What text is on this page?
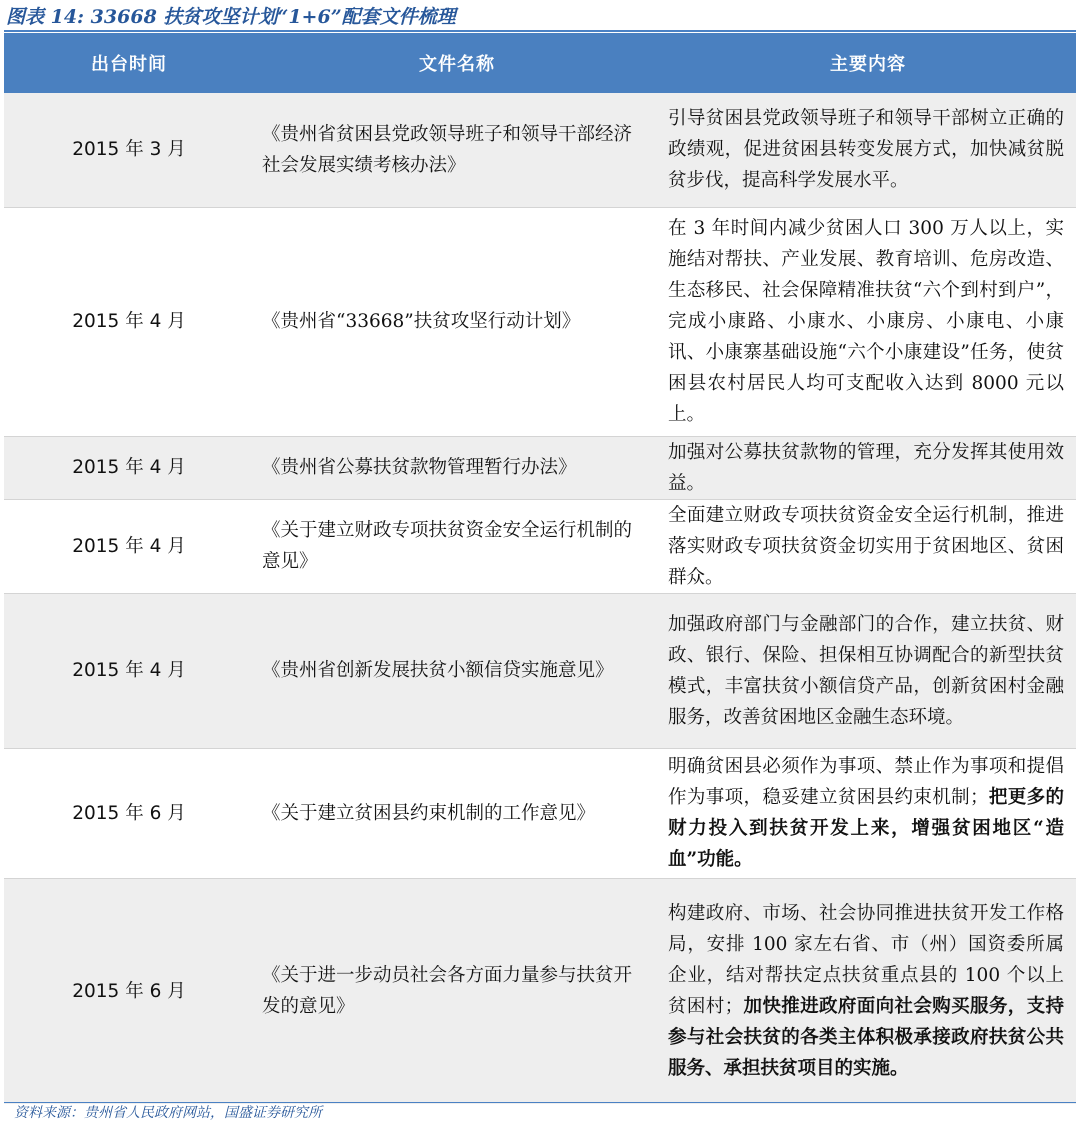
图表 14: 33668 扶贫攻坚计划“1+6”配套文件梳理
出台时间	文件名称	主要内容
2015 年 3 月	《贵州省贫困县党政领导班子和领导干部经济社会发展实绩考核办法》	引导贫困县党政领导班子和领导干部树立正确的政绩观，促进贫困县转变发展方式，加快减贫脱贫步伐，提高科学发展水平。
2015 年 4 月	《贵州省“33668”扶贫攻坚行动计划》	在 3 年时间内减少贫困人口 300 万人以上，实施结对帮扶、产业发展、教育培训、危房改造、生态移民、社会保障精准扶贫“六个到村到户”，完成小康路、小康水、小康房、小康电、小康讯、小康寨基础设施“六个小康建设”任务，使贫困县农村居民人均可支配收入达到 8000 元以上。
2015 年 4 月	《贵州省公募扶贫款物管理暂行办法》	加强对公募扶贫款物的管理，充分发挥其使用效益。
2015 年 4 月	《关于建立财政专项扶贫资金安全运行机制的意见》	全面建立财政专项扶贫资金安全运行机制，推进落实财政专项扶贫资金切实用于贫困地区、贫困群众。
2015 年 4 月	《贵州省创新发展扶贫小额信贷实施意见》	加强政府部门与金融部门的合作，建立扶贫、财政、银行、保险、担保相互协调配合的新型扶贫模式，丰富扶贫小额信贷产品，创新贫困村金融服务，改善贫困地区金融生态环境。
2015 年 6 月	《关于建立贫困县约束机制的工作意见》	明确贫困县必须作为事项、禁止作为事项和提倡作为事项，稳妥建立贫困县约束机制；把更多的财力投入到扶贫开发上来，增强贫困地区“造血”功能。
2015 年 6 月	《关于进一步动员社会各方面力量参与扶贫开发的意见》	构建政府、市场、社会协同推进扶贫开发工作格局，安排 100 家左右省、市（州）国资委所属企业，结对帮扶定点扶贫重点县的 100 个以上贫困村；加快推进政府面向社会购买服务，支持参与社会扶贫的各类主体积极承接政府扶贫公共服务、承担扶贫项目的实施。
资料来源：贵州省人民政府网站，国盛证券研究所
